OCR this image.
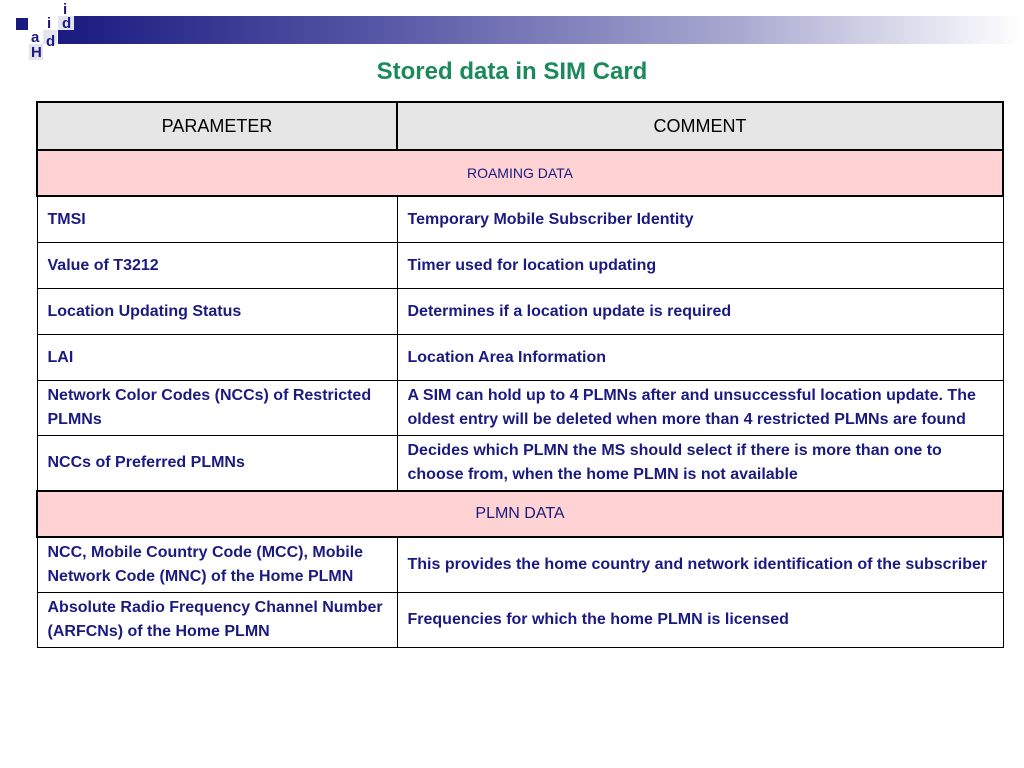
H
a
i
d
i
d
Stored data in SIM Card
PARAMETER	COMMENT
ROAMING DATA	
TMSI	Temporary Mobile Subscriber Identity
Value of T3212	Timer used for location updating
Location Updating Status	Determines if a location update is required
LAI	Location Area Information
Network Color Codes (NCCs) of Restricted PLMNs	A SIM can hold up to 4 PLMNs after and unsuccessful location update. The oldest entry will be deleted when more than 4 restricted PLMNs are found
NCCs of Preferred PLMNs	Decides which PLMN the MS should select if there is more than one to choose from, when the home PLMN is not available
PLMN DATA	
NCC, Mobile Country Code (MCC), Mobile Network Code (MNC) of the Home PLMN	This provides the home country and network identification of the subscriber
Absolute Radio Frequency Channel Number (ARFCNs) of the Home PLMN	Frequencies for which the home PLMN is licensed
